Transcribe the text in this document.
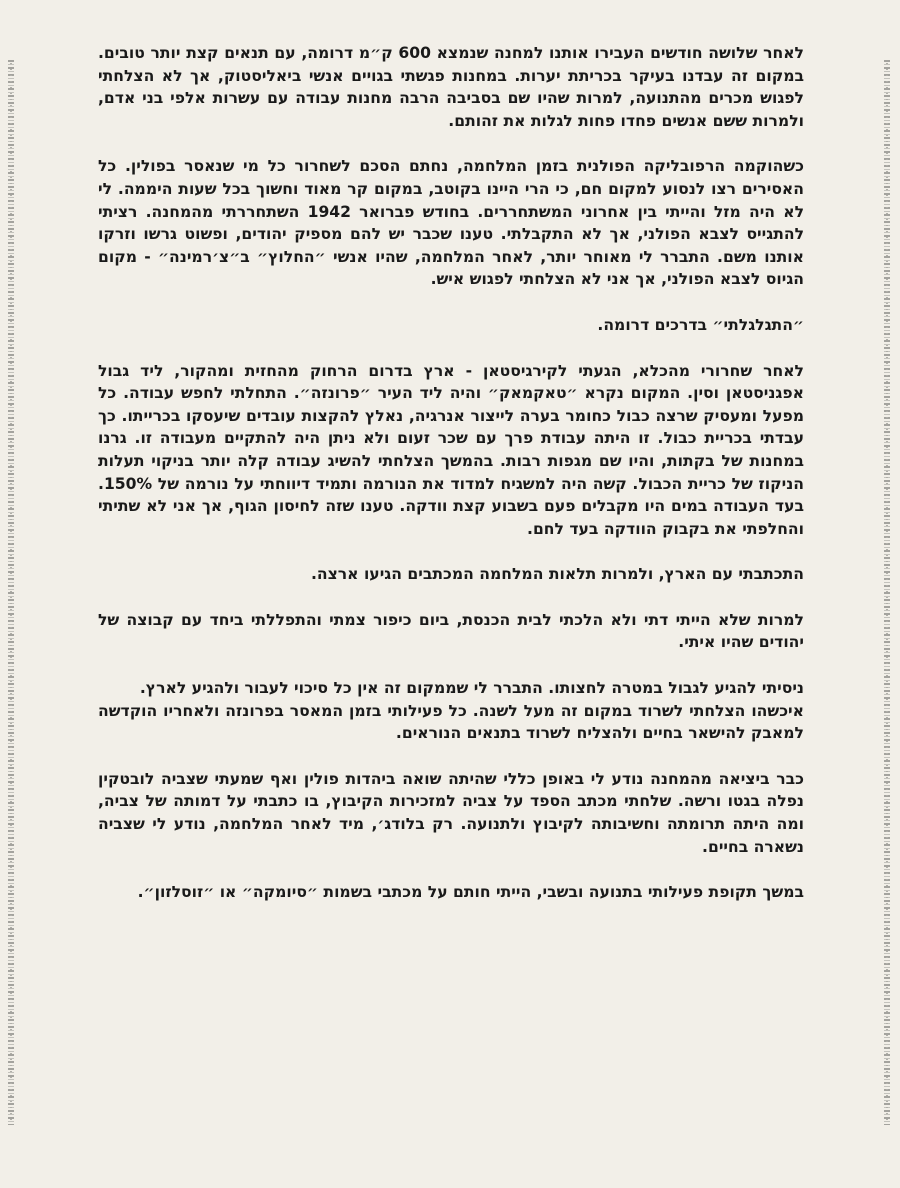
לאחר שלושה חודשים העבירו אותנו למחנה שנמצא 600 ק״מ דרומה, עם תנאים קצת יותר טובים. במקום זה עבדנו בעיקר בכריתת יערות. במחנות פגשתי בגויים אנשי ביאליסטוק, אך לא הצלחתי לפגוש מכרים מהתנועה, למרות שהיו שם בסביבה הרבה מחנות עבודה עם עשרות אלפי בני אדם, ולמרות ששם אנשים פחדו פחות לגלות את זהותם.

כשהוקמה הרפובליקה הפולנית בזמן המלחמה, נחתם הסכם לשחרור כל מי שנאסר בפולין. כל האסירים רצו לנסוע למקום חם, כי הרי היינו בקוטב, במקום קר מאוד וחשוך בכל שעות היממה. לי לא היה מזל והייתי בין אחרוני המשתחררים. בחודש פברואר 1942 השתחררתי מהמחנה. רציתי להתגייס לצבא הפולני, אך לא התקבלתי. טענו שכבר יש להם מספיק יהודים, ופשוט גרשו וזרקו אותנו משם. התברר לי מאוחר יותר, לאחר המלחמה, שהיו אנשי ״החלוץ״ ב״צ׳רמינה״ - מקום הגיוס לצבא הפולני, אך אני לא הצלחתי לפגוש איש.

״התגלגלתי״ בדרכים דרומה.

לאחר שחרורי מהכלא, הגעתי לקירגיסטאן - ארץ בדרום הרחוק מהחזית ומהקור, ליד גבול אפגניסטאן וסין. המקום נקרא ״טאקמאק״ והיה ליד העיר ״פרונזה״. התחלתי לחפש עבודה. כל מפעל ומעסיק שרצה כבול כחומר בערה לייצור אנרגיה, נאלץ להקצות עובדים שיעסקו בכרייתו. כך עבדתי בכריית כבול. זו היתה עבודת פרך עם שכר זעום ולא ניתן היה להתקיים מעבודה זו. גרנו במחנות של בקתות, והיו שם מגפות רבות. בהמשך הצלחתי להשיג עבודה קלה יותר בניקוי תעלות הניקוז של כריית הכבול. קשה היה למשגיח למדוד את הנורמה ותמיד דיווחתי על נורמה של 150%. בעד העבודה במים היו מקבלים פעם בשבוע קצת וודקה. טענו שזה לחיסון הגוף, אך אני לא שתיתי והחלפתי את בקבוק הוודקה בעד לחם.

התכתבתי עם הארץ, ולמרות תלאות המלחמה המכתבים הגיעו ארצה.

למרות שלא הייתי דתי ולא הלכתי לבית הכנסת, ביום כיפור צמתי והתפללתי ביחד עם קבוצה של יהודים שהיו איתי.

ניסיתי להגיע לגבול במטרה לחצותו. התברר לי שממקום זה אין כל סיכוי לעבור ולהגיע לארץ.

איכשהו הצלחתי לשרוד במקום זה מעל לשנה. כל פעילותי בזמן המאסר בפרונזה ולאחריו הוקדשה למאבק להישאר בחיים ולהצליח לשרוד בתנאים הנוראים.

כבר ביציאה מהמחנה נודע לי באופן כללי שהיתה שואה ביהדות פולין ואף שמעתי שצביה לובטקין נפלה בגטו ורשה. שלחתי מכתב הספד על צביה למזכירות הקיבוץ, בו כתבתי על דמותה של צביה, ומה היתה תרומתה וחשיבותה לקיבוץ ולתנועה. רק בלודג׳, מיד לאחר המלחמה, נודע לי שצביה נשארה בחיים.

במשך תקופת פעילותי בתנועה ובשבי, הייתי חותם על מכתבי בשמות ״סיומקה״ או ״זוסלזון״.
